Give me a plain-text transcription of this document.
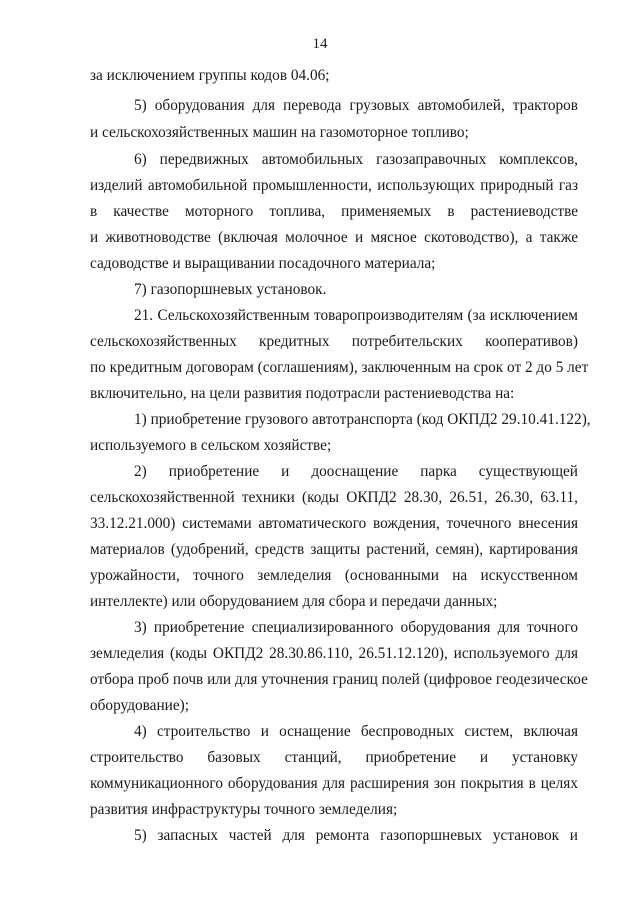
14
за исключением группы кодов 04.06;
5) оборудования для перевода грузовых автомобилей, тракторов
и сельскохозяйственных машин на газомоторное топливо;
6) передвижных автомобильных газозаправочных комплексов,
изделий автомобильной промышленности, использующих природный газ
в качестве моторного топлива, применяемых в растениеводстве
и животноводстве (включая молочное и мясное скотоводство), а также
садоводстве и выращивании посадочного материала;
7) газопоршневых установок.
21. Сельскохозяйственным товаропроизводителям (за исключением
сельскохозяйственных кредитных потребительских кооперативов)
по кредитным договорам (соглашениям), заключенным на срок от 2 до 5 лет
включительно, на цели развития подотрасли растениеводства на:
1) приобретение грузового автотранспорта (код ОКПД2 29.10.41.122),
используемого в сельском хозяйстве;
2) приобретение и дооснащение парка существующей
сельскохозяйственной техники (коды ОКПД2 28.30, 26.51, 26.30, 63.11,
33.12.21.000) системами автоматического вождения, точечного внесения
материалов (удобрений, средств защиты растений, семян), картирования
урожайности, точного земледелия (основанными на искусственном
интеллекте) или оборудованием для сбора и передачи данных;
3) приобретение специализированного оборудования для точного
земледелия (коды ОКПД2 28.30.86.110, 26.51.12.120), используемого для
отбора проб почв или для уточнения границ полей (цифровое геодезическое
оборудование);
4) строительство и оснащение беспроводных систем, включая
строительство базовых станций, приобретение и установку
коммуникационного оборудования для расширения зон покрытия в целях
развития инфраструктуры точного земледелия;
5) запасных частей для ремонта газопоршневых установок и
